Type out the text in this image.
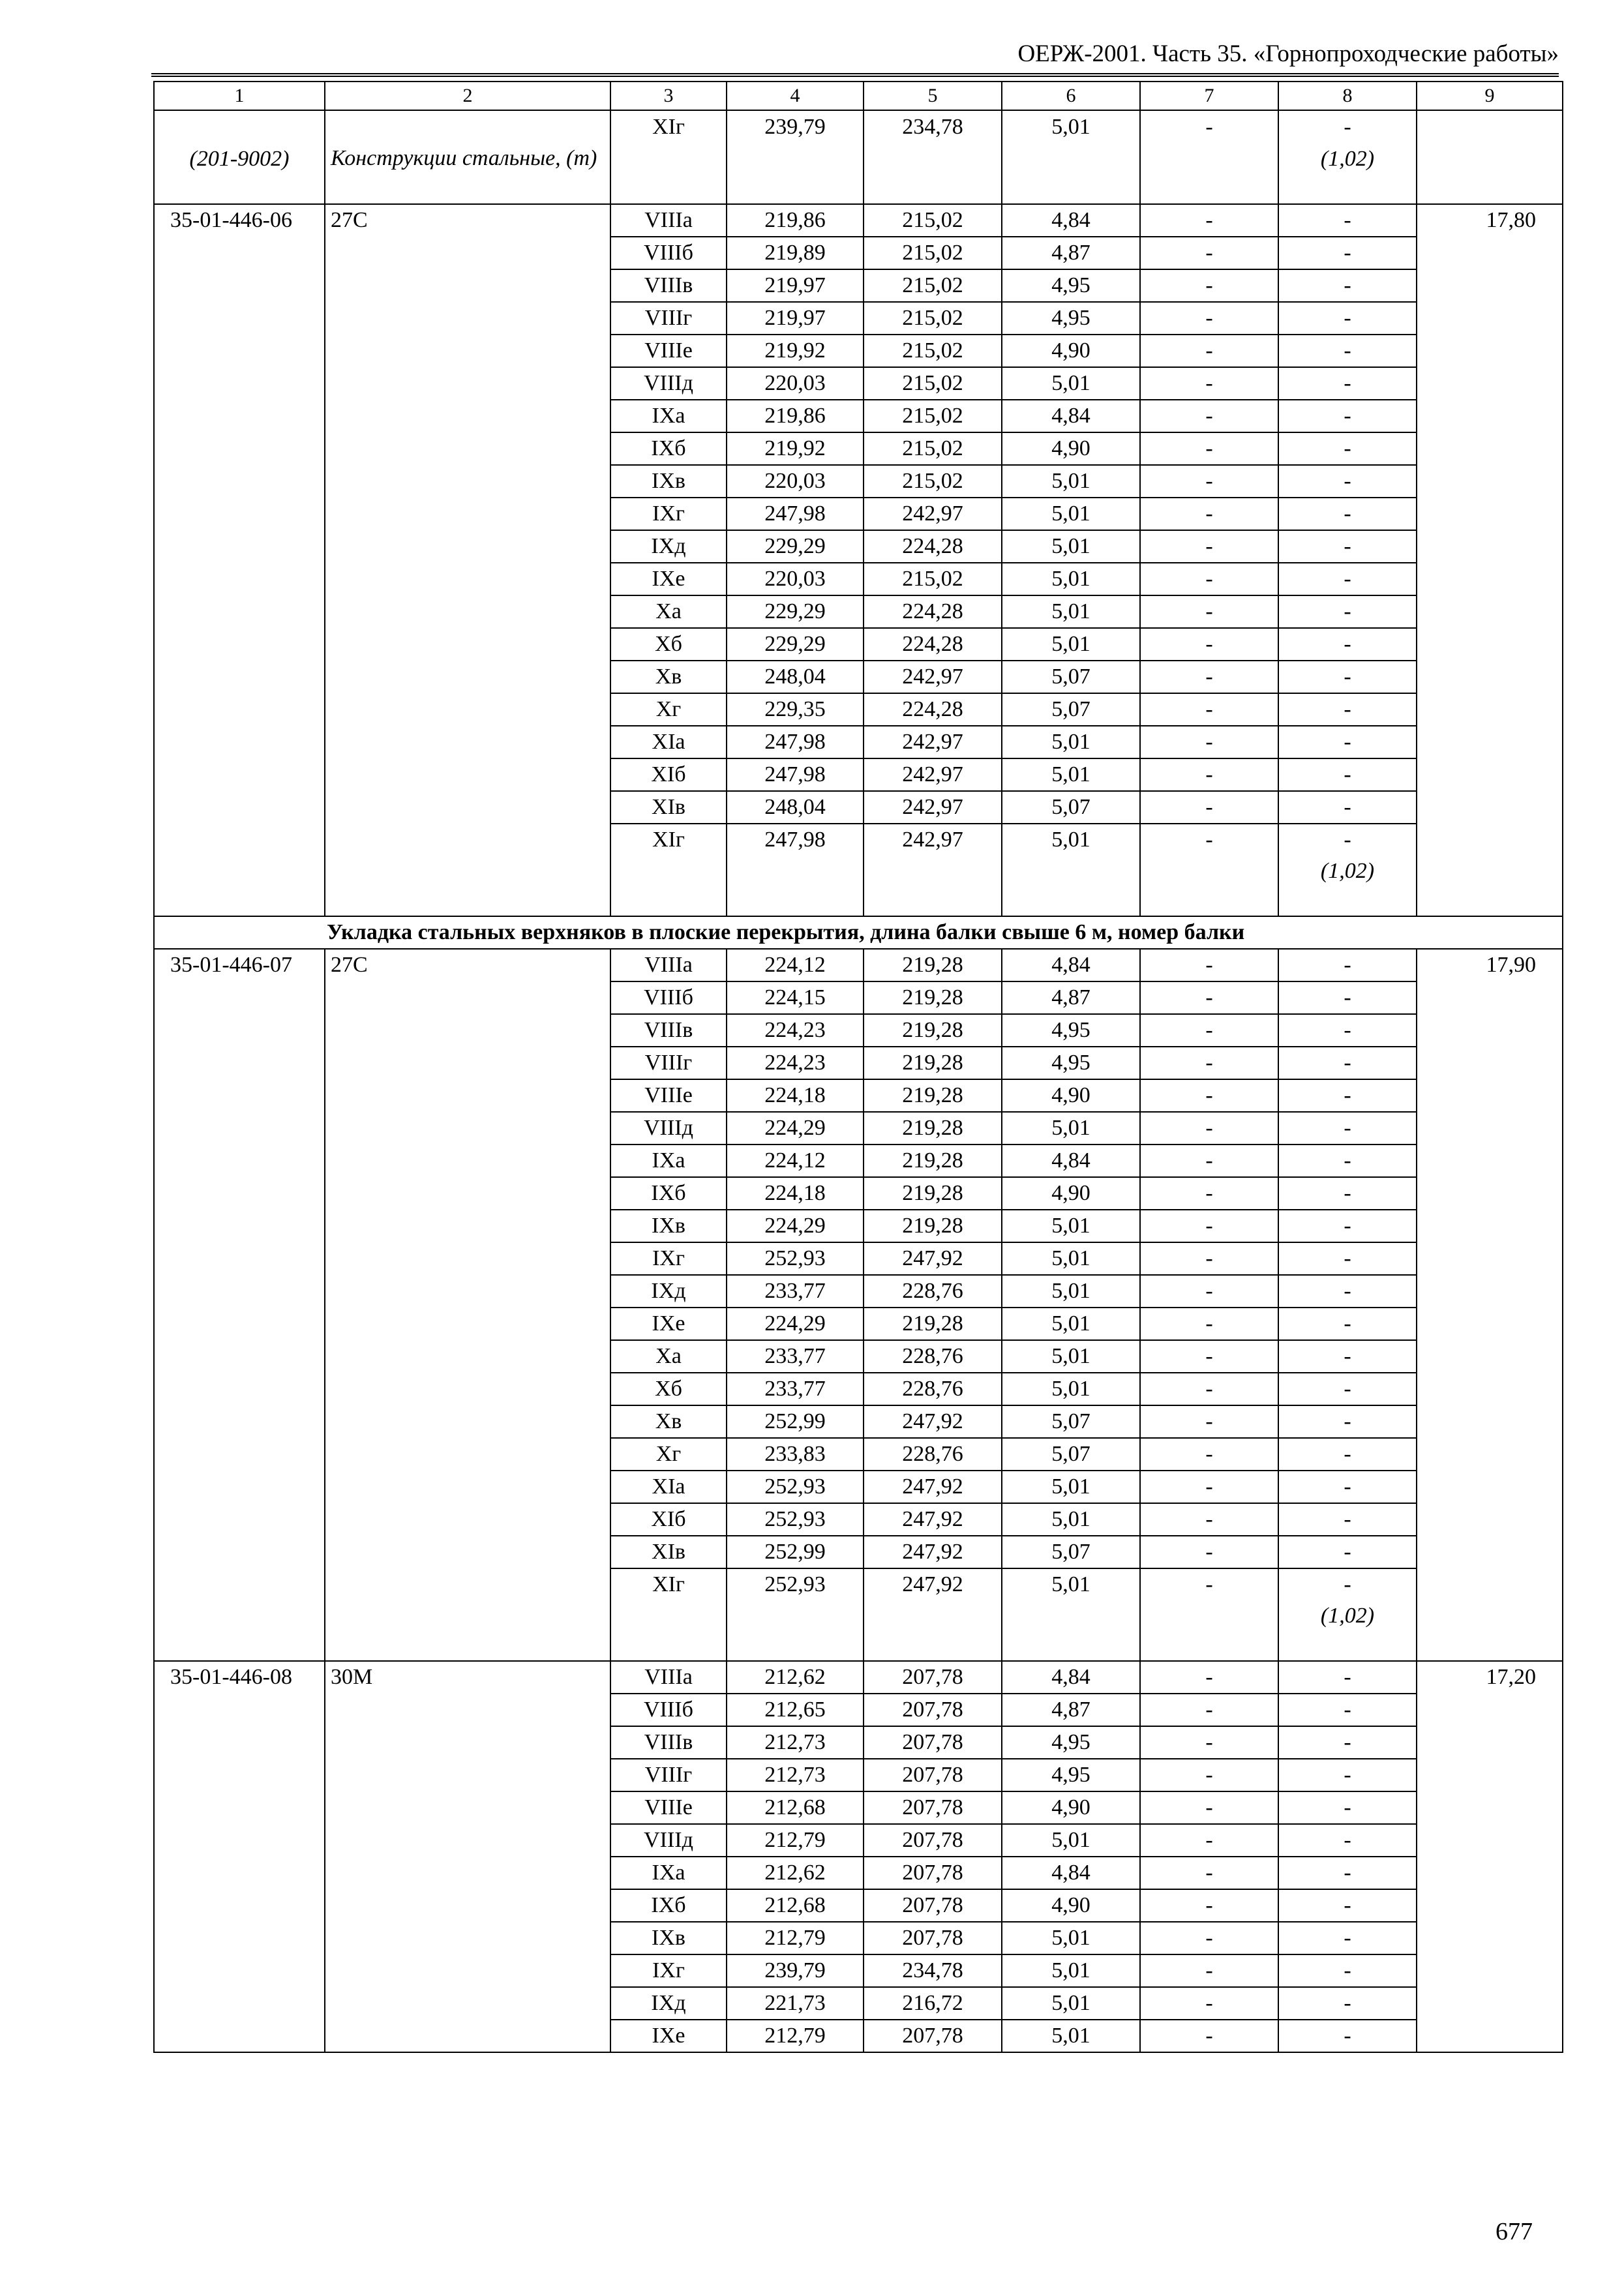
ОЕРЖ-2001. Часть 35. «Горнопроходческие работы»
1	2	3	4	5	6	7	8	9
		XIг	239,79	234,78	5,01	-	-	
(201-9002)	Конструкции стальные, (т)						(1,02)	
35-01-446-06	27С	VIIIа	219,86	215,02	4,84	-	-	17,80
		VIIIб	219,89	215,02	4,87	-	-	
		VIIIв	219,97	215,02	4,95	-	-	
		VIIIг	219,97	215,02	4,95	-	-	
		VIIIе	219,92	215,02	4,90	-	-	
		VIIIд	220,03	215,02	5,01	-	-	
		IXа	219,86	215,02	4,84	-	-	
		IXб	219,92	215,02	4,90	-	-	
		IXв	220,03	215,02	5,01	-	-	
		IXг	247,98	242,97	5,01	-	-	
		IXд	229,29	224,28	5,01	-	-	
		IXе	220,03	215,02	5,01	-	-	
		Xа	229,29	224,28	5,01	-	-	
		Xб	229,29	224,28	5,01	-	-	
		Xв	248,04	242,97	5,07	-	-	
		Xг	229,35	224,28	5,07	-	-	
		XIа	247,98	242,97	5,01	-	-	
		XIб	247,98	242,97	5,01	-	-	
		XIв	248,04	242,97	5,07	-	-	
		XIг	247,98	242,97	5,01	-	-	
							(1,02)	
Укладка стальных верхняков в плоские перекрытия, длина балки свыше 6 м, номер балки								
35-01-446-07	27С	VIIIа	224,12	219,28	4,84	-	-	17,90
		VIIIб	224,15	219,28	4,87	-	-	
		VIIIв	224,23	219,28	4,95	-	-	
		VIIIг	224,23	219,28	4,95	-	-	
		VIIIе	224,18	219,28	4,90	-	-	
		VIIIд	224,29	219,28	5,01	-	-	
		IXа	224,12	219,28	4,84	-	-	
		IXб	224,18	219,28	4,90	-	-	
		IXв	224,29	219,28	5,01	-	-	
		IXг	252,93	247,92	5,01	-	-	
		IXд	233,77	228,76	5,01	-	-	
		IXе	224,29	219,28	5,01	-	-	
		Xа	233,77	228,76	5,01	-	-	
		Xб	233,77	228,76	5,01	-	-	
		Xв	252,99	247,92	5,07	-	-	
		Xг	233,83	228,76	5,07	-	-	
		XIа	252,93	247,92	5,01	-	-	
		XIб	252,93	247,92	5,01	-	-	
		XIв	252,99	247,92	5,07	-	-	
		XIг	252,93	247,92	5,01	-	-	
							(1,02)	
35-01-446-08	30М	VIIIа	212,62	207,78	4,84	-	-	17,20
		VIIIб	212,65	207,78	4,87	-	-	
		VIIIв	212,73	207,78	4,95	-	-	
		VIIIг	212,73	207,78	4,95	-	-	
		VIIIе	212,68	207,78	4,90	-	-	
		VIIIд	212,79	207,78	5,01	-	-	
		IXа	212,62	207,78	4,84	-	-	
		IXб	212,68	207,78	4,90	-	-	
		IXв	212,79	207,78	5,01	-	-	
		IXг	239,79	234,78	5,01	-	-	
		IXд	221,73	216,72	5,01	-	-	
		IXе	212,79	207,78	5,01	-	-	
677
